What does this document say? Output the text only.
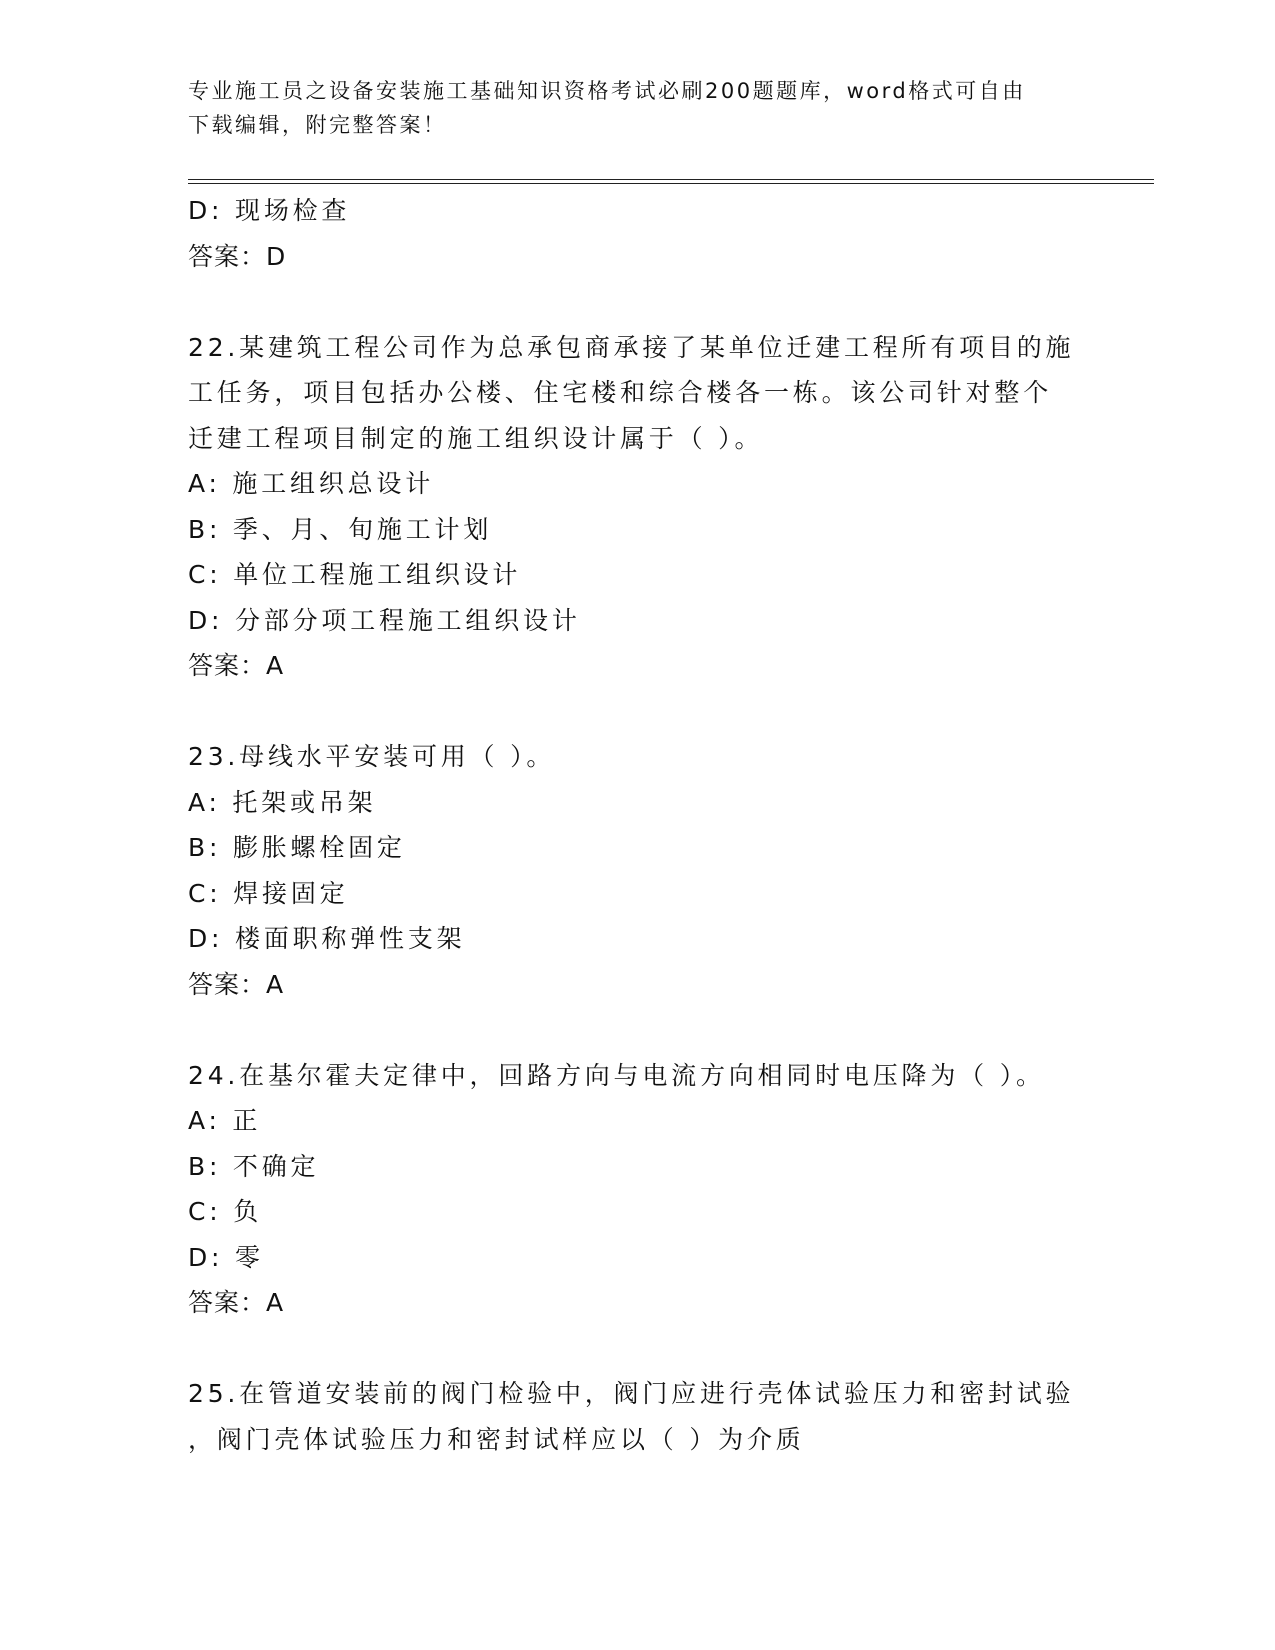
专业施工员之设备安装施工基础知识资格考试必刷200题题库，word格式可自由
下载编辑，附完整答案！
D: 现场检查
答案：D
22.某建筑工程公司作为总承包商承接了某单位迁建工程所有项目的施
工任务，项目包括办公楼、住宅楼和综合楼各一栋。该公司针对整个
迁建工程项目制定的施工组织设计属于（ ）。
A: 施工组织总设计
B: 季、月、旬施工计划
C: 单位工程施工组织设计
D: 分部分项工程施工组织设计
答案：A
23.母线水平安装可用（ ）。
A: 托架或吊架
B: 膨胀螺栓固定
C: 焊接固定
D: 楼面职称弹性支架
答案：A
24.在基尔霍夫定律中，回路方向与电流方向相同时电压降为（ ）。
A: 正
B: 不确定
C: 负
D: 零
答案：A
25.在管道安装前的阀门检验中，阀门应进行壳体试验压力和密封试验
，阀门壳体试验压力和密封试样应以（ ）为介质
